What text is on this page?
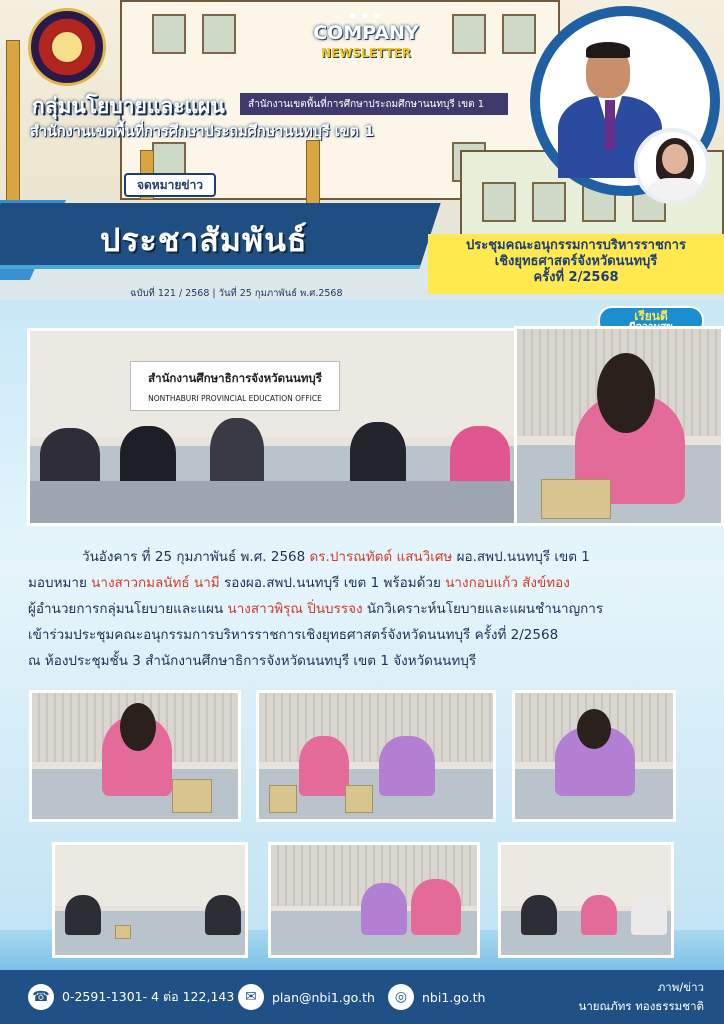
•••
COMPANY
NEWSLETTER
สำนักงานเขตพื้นที่การศึกษาประถมศึกษานนทบุรี เขต 1
กลุ่มนโยบายและแผน
สำนักงานเขตพื้นที่การศึกษาประถมศึกษานนทบุรี เขต 1
จดหมายข่าว
ประชาสัมพันธ์	ประชุมคณะอนุกรรมการบริหารราชการ
เชิงยุทธศาสตร์จังหวัดนนทบุรี
ครั้งที่ 2/2568
ฉบับที่ 121 / 2568 | วันที่ 25 กุมภาพันธ์ พ.ศ.2568
เรียนดี
สำนักงานศึกษาธิการจังหวัดนนทบุรี
NONTHABURI PROVINCIAL EDUCATION OFFICE
วันอังคาร ที่ 25 กุมภาพันธ์ พ.ศ. 2568 ดร.ปารณทัตต์ แสนวิเศษ ผอ.สพป.นนทบุรี เขต 1
มอบหมาย นางสาวกมลนัทธ์ นามี รองผอ.สพป.นนทบุรี เขต 1 พร้อมด้วย นางกอบแก้ว สังข์ทอง
ผู้อำนวยการกลุ่มนโยบายและแผน นางสาวพิรุณ ปิ่นบรรจง นักวิเคราะห์นโยบายและแผนชำนาญการ
เข้าร่วมประชุมคณะอนุกรรมการบริหารราชการเชิงยุทธศาสตร์จังหวัดนนทบุรี ครั้งที่ 2/2568
ณ ห้องประชุมชั้น 3 สำนักงานศึกษาธิการจังหวัดนนทบุรี เขต 1 จังหวัดนนทบุรี
☎ 0-2591-1301- 4 ต่อ 122,143 ✉	plan@nbi1.go.th	◎	nbi1.go.th
ภาพ/ข่าว
นายณภัทร ทองธรรมชาติ
